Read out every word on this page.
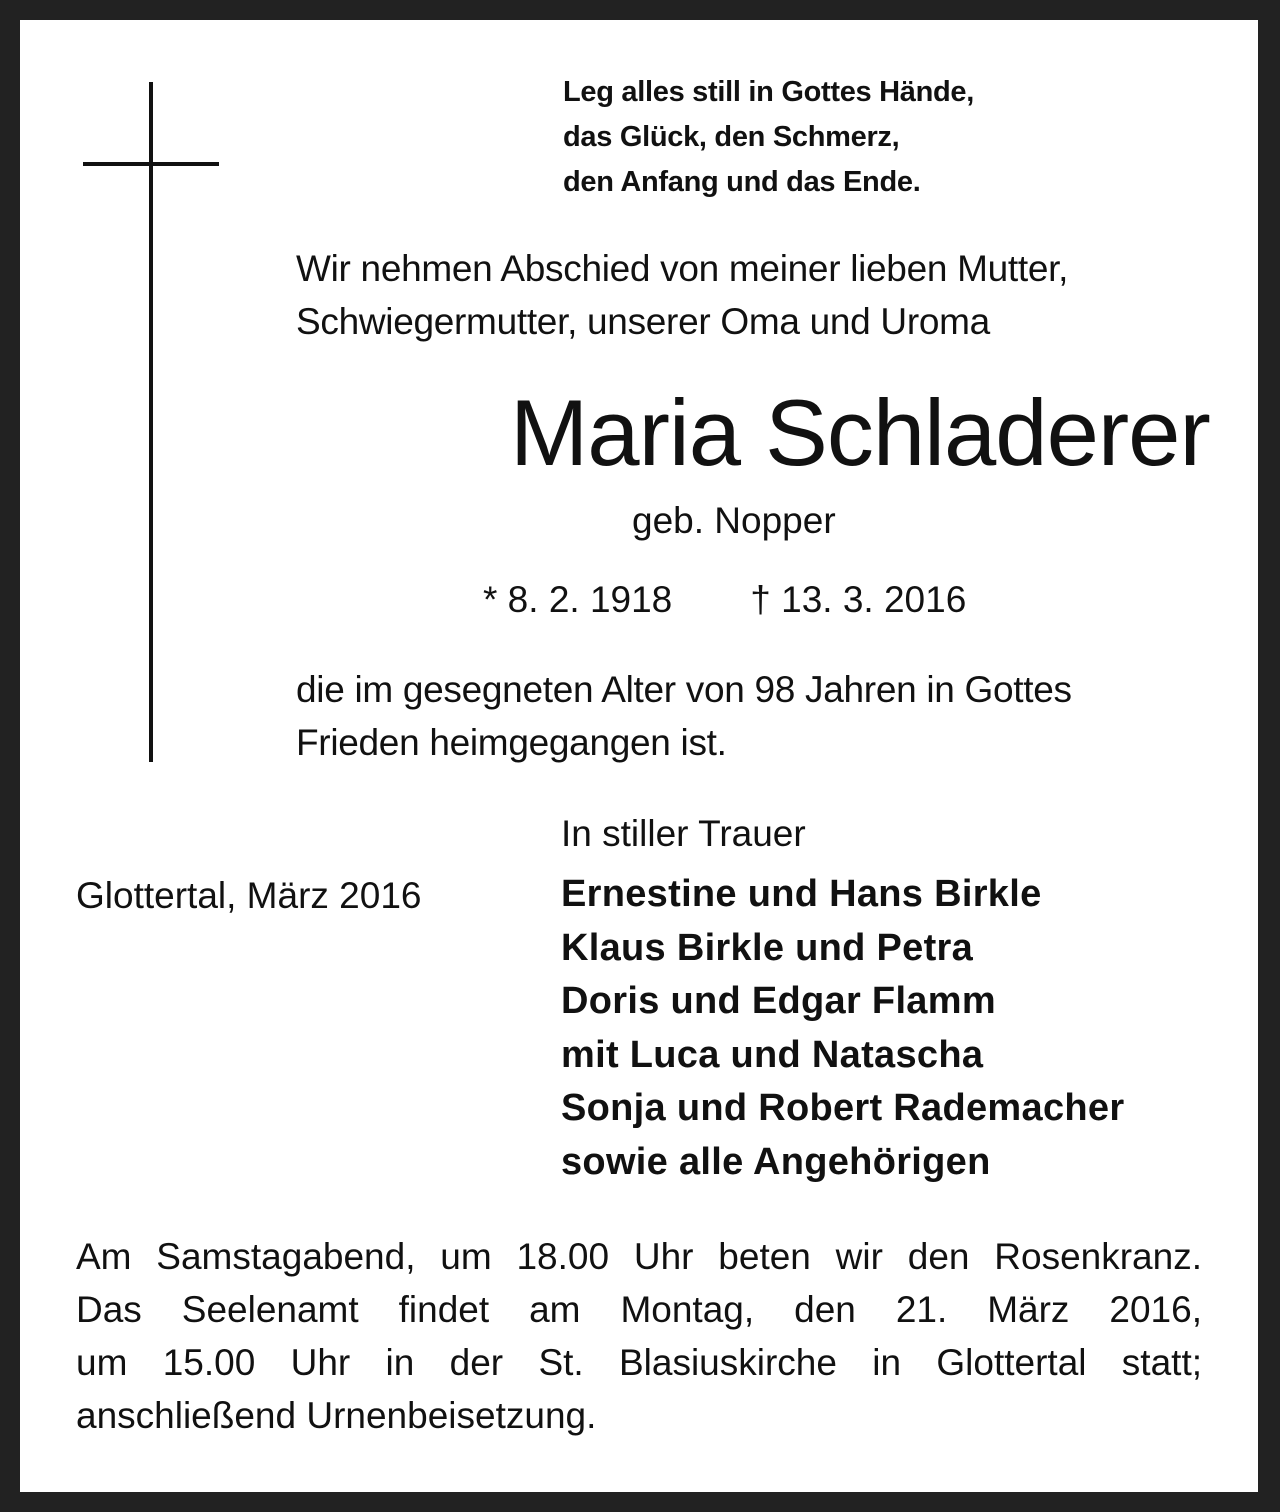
Leg alles still in Gottes Hände,
das Glück, den Schmerz,
den Anfang und das Ende.
Wir nehmen Abschied von meiner lieben Mutter,
Schwiegermutter, unserer Oma und Uroma
Maria Schladerer
geb. Nopper
* 8. 2. 1918 † 13. 3. 2016
die im gesegneten Alter von 98 Jahren in Gottes
Frieden heimgegangen ist.
In stiller Trauer
Glottertal, März 2016	Ernestine und Hans Birkle
Klaus Birkle und Petra
Doris und Edgar Flamm
mit Luca und Natascha
Sonja und Robert Rademacher
sowie alle Angehörigen
Am Samstagabend, um 18.00 Uhr beten wir den Rosenkranz.
Das Seelenamt findet am Montag, den 21. März 2016,
um 15.00 Uhr in der St. Blasiuskirche in Glottertal statt;
anschließend Urnenbeisetzung.
